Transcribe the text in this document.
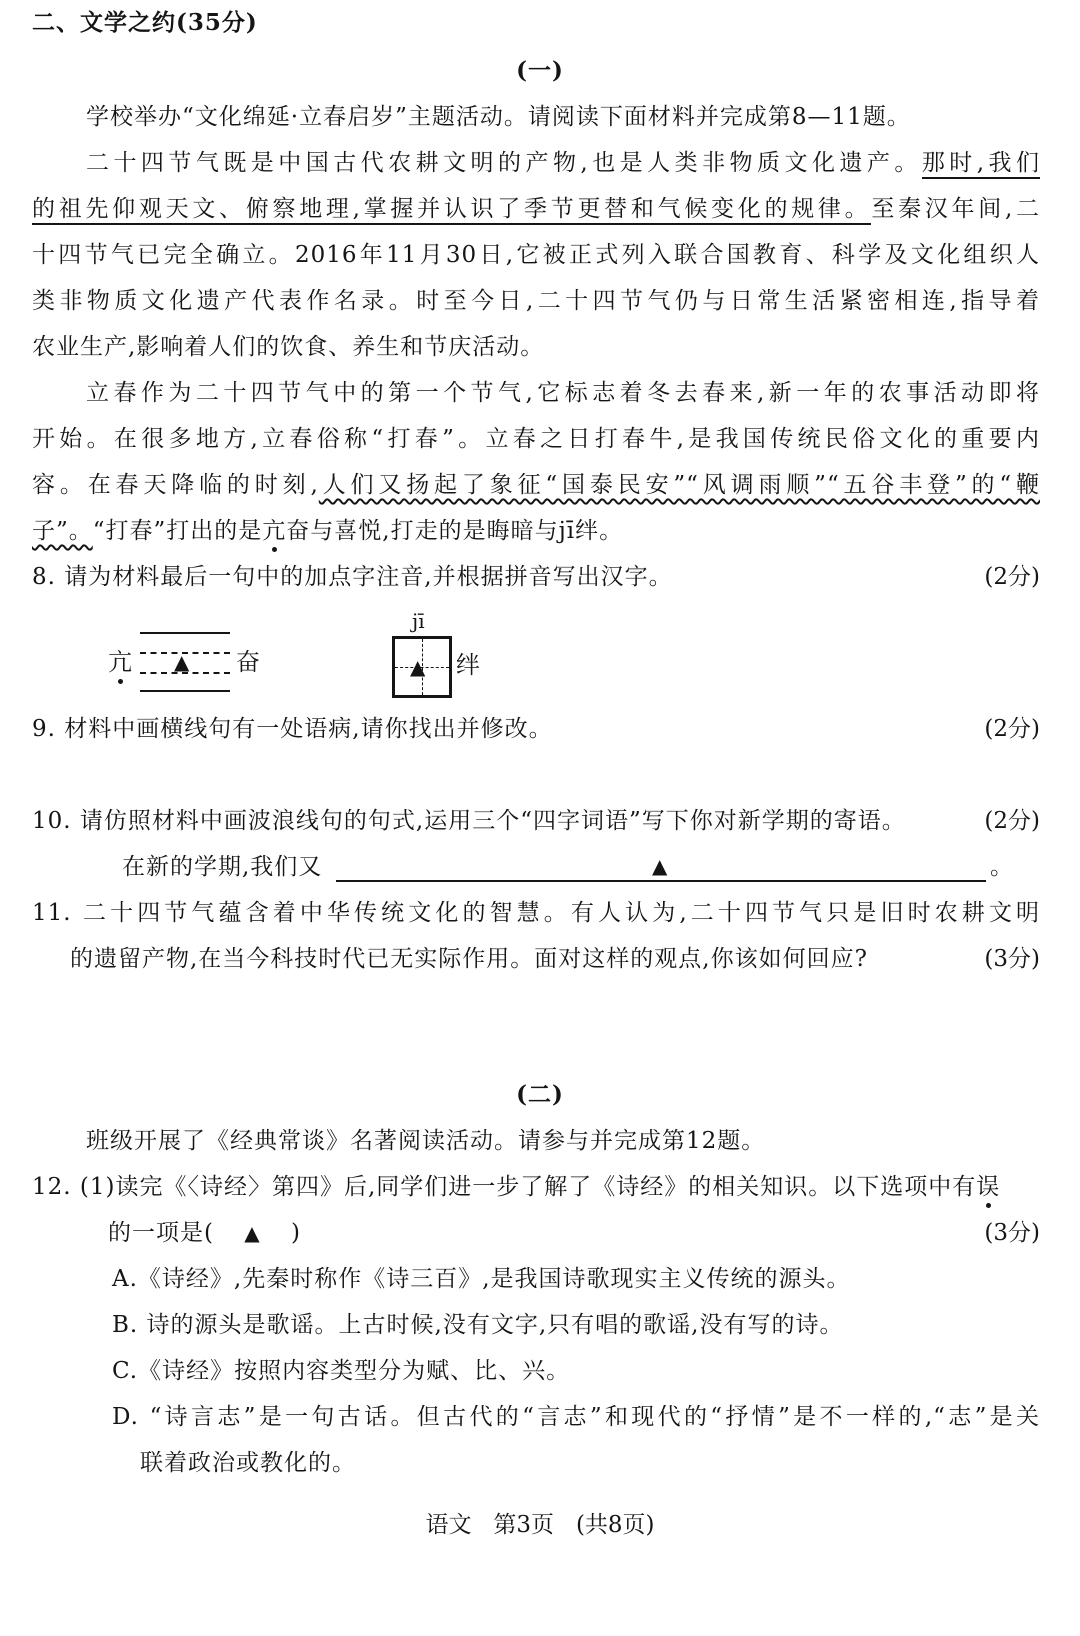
二、文学之约(35分)
(一)
学校举办“文化绵延·立春启岁”主题活动。请阅读下面材料并完成第8—11题。
二十四节气既是中国古代农耕文明的产物,也是人类非物质文化遗产。那时,我们
的祖先仰观天文、俯察地理,掌握并认识了季节更替和气候变化的规律。至秦汉年间,二
十四节气已完全确立。2016年11月30日,它被正式列入联合国教育、科学及文化组织人
类非物质文化遗产代表作名录。时至今日,二十四节气仍与日常生活紧密相连,指导着
农业生产,影响着人们的饮食、养生和节庆活动。
立春作为二十四节气中的第一个节气,它标志着冬去春来,新一年的农事活动即将
开始。在很多地方,立春俗称“打春”。立春之日打春牛,是我国传统民俗文化的重要内
容。在春天降临的时刻,人们又扬起了象征“国泰民安”“风调雨顺”“五谷丰登”的“鞭
子”。“打春”打出的是亢奋与喜悦,打走的是晦暗与jī绊。
8. 请为材料最后一句中的加点字注音,并根据拼音写出汉字。	(2分)
亢 ▲ 奋
jī
▲ 绊
9. 材料中画横线句有一处语病,请你找出并修改。	(2分)
10. 请仿照材料中画波浪线句的句式,运用三个“四字词语”写下你对新学期的寄语。	(2分)
在新的学期,我们又	▲	。
11. 二十四节气蕴含着中华传统文化的智慧。有人认为,二十四节气只是旧时农耕文明
的遗留产物,在当今科技时代已无实际作用。面对这样的观点,你该如何回应?	(3分)
(二)
班级开展了《经典常谈》名著阅读活动。请参与并完成第12题。
12. (1)读完《〈诗经〉第四》后,同学们进一步了解了《诗经》的相关知识。以下选项中有误
的一项是( ▲ )	(3分)
A.《诗经》,先秦时称作《诗三百》,是我国诗歌现实主义传统的源头。
B. 诗的源头是歌谣。上古时候,没有文字,只有唱的歌谣,没有写的诗。
C.《诗经》按照内容类型分为赋、比、兴。
D. “诗言志”是一句古话。但古代的“言志”和现代的“抒情”是不一样的,“志”是关
联着政治或教化的。
语文   第3页   (共8页)
